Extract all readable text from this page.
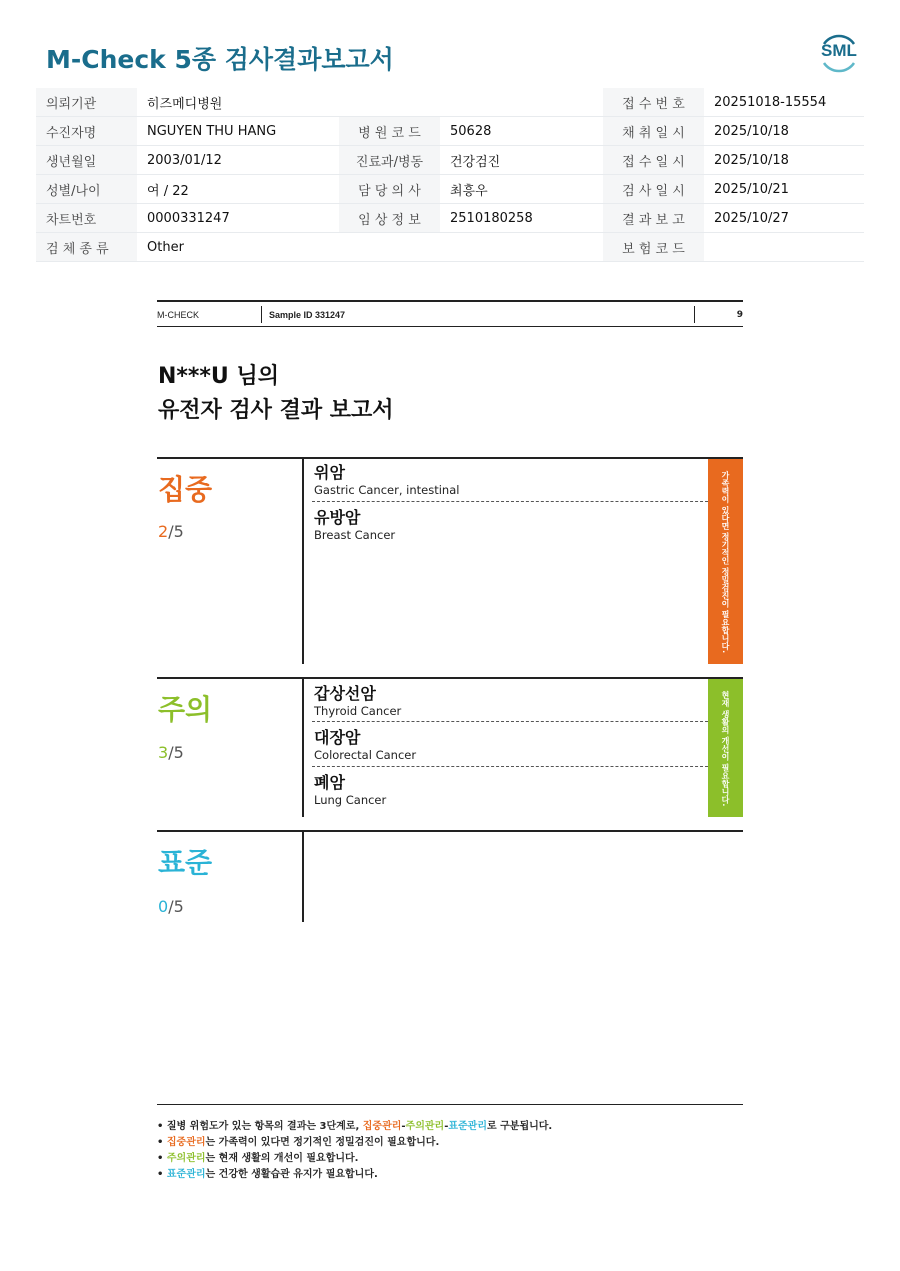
M-Check 5종 검사결과보고서	SML
의뢰기관	히즈메디병원			접 수 번 호	20251018-15554
수진자명	NGUYEN THU HANG	병 원 코 드	50628	채 취 일 시	2025/10/18
생년월일	2003/01/12	진료과/병동	건강검진	접 수 일 시	2025/10/18
성별/나이	여 / 22	담 당 의 사	최흥우	검 사 일 시	2025/10/21
차트번호	0000331247	임 상 정 보	2510180258	결 과 보 고	2025/10/27
검 체 종 류	Other			보 험 코 드	
M-CHECK	Sample ID 331247	9
N***U 님의
유전자 검사 결과 보고서
집중
2/5
위암
Gastric Cancer, intestinal
유방암
Breast Cancer	가족력이 있다면 정기적인 정밀검진이 필요합니다.
주의
3/5
갑상선암
Thyroid Cancer
대장암
Colorectal Cancer
폐암
Lung Cancer	현재 생활의 개선이 필요합니다.
표준
0/5
• 질병 위험도가 있는 항목의 결과는 3단계로, 집중관리-주의관리-표준관리로 구분됩니다.
• 집중관리는 가족력이 있다면 정기적인 정밀검진이 필요합니다.
• 주의관리는 현재 생활의 개선이 필요합니다.
• 표준관리는 건강한 생활습관 유지가 필요합니다.
